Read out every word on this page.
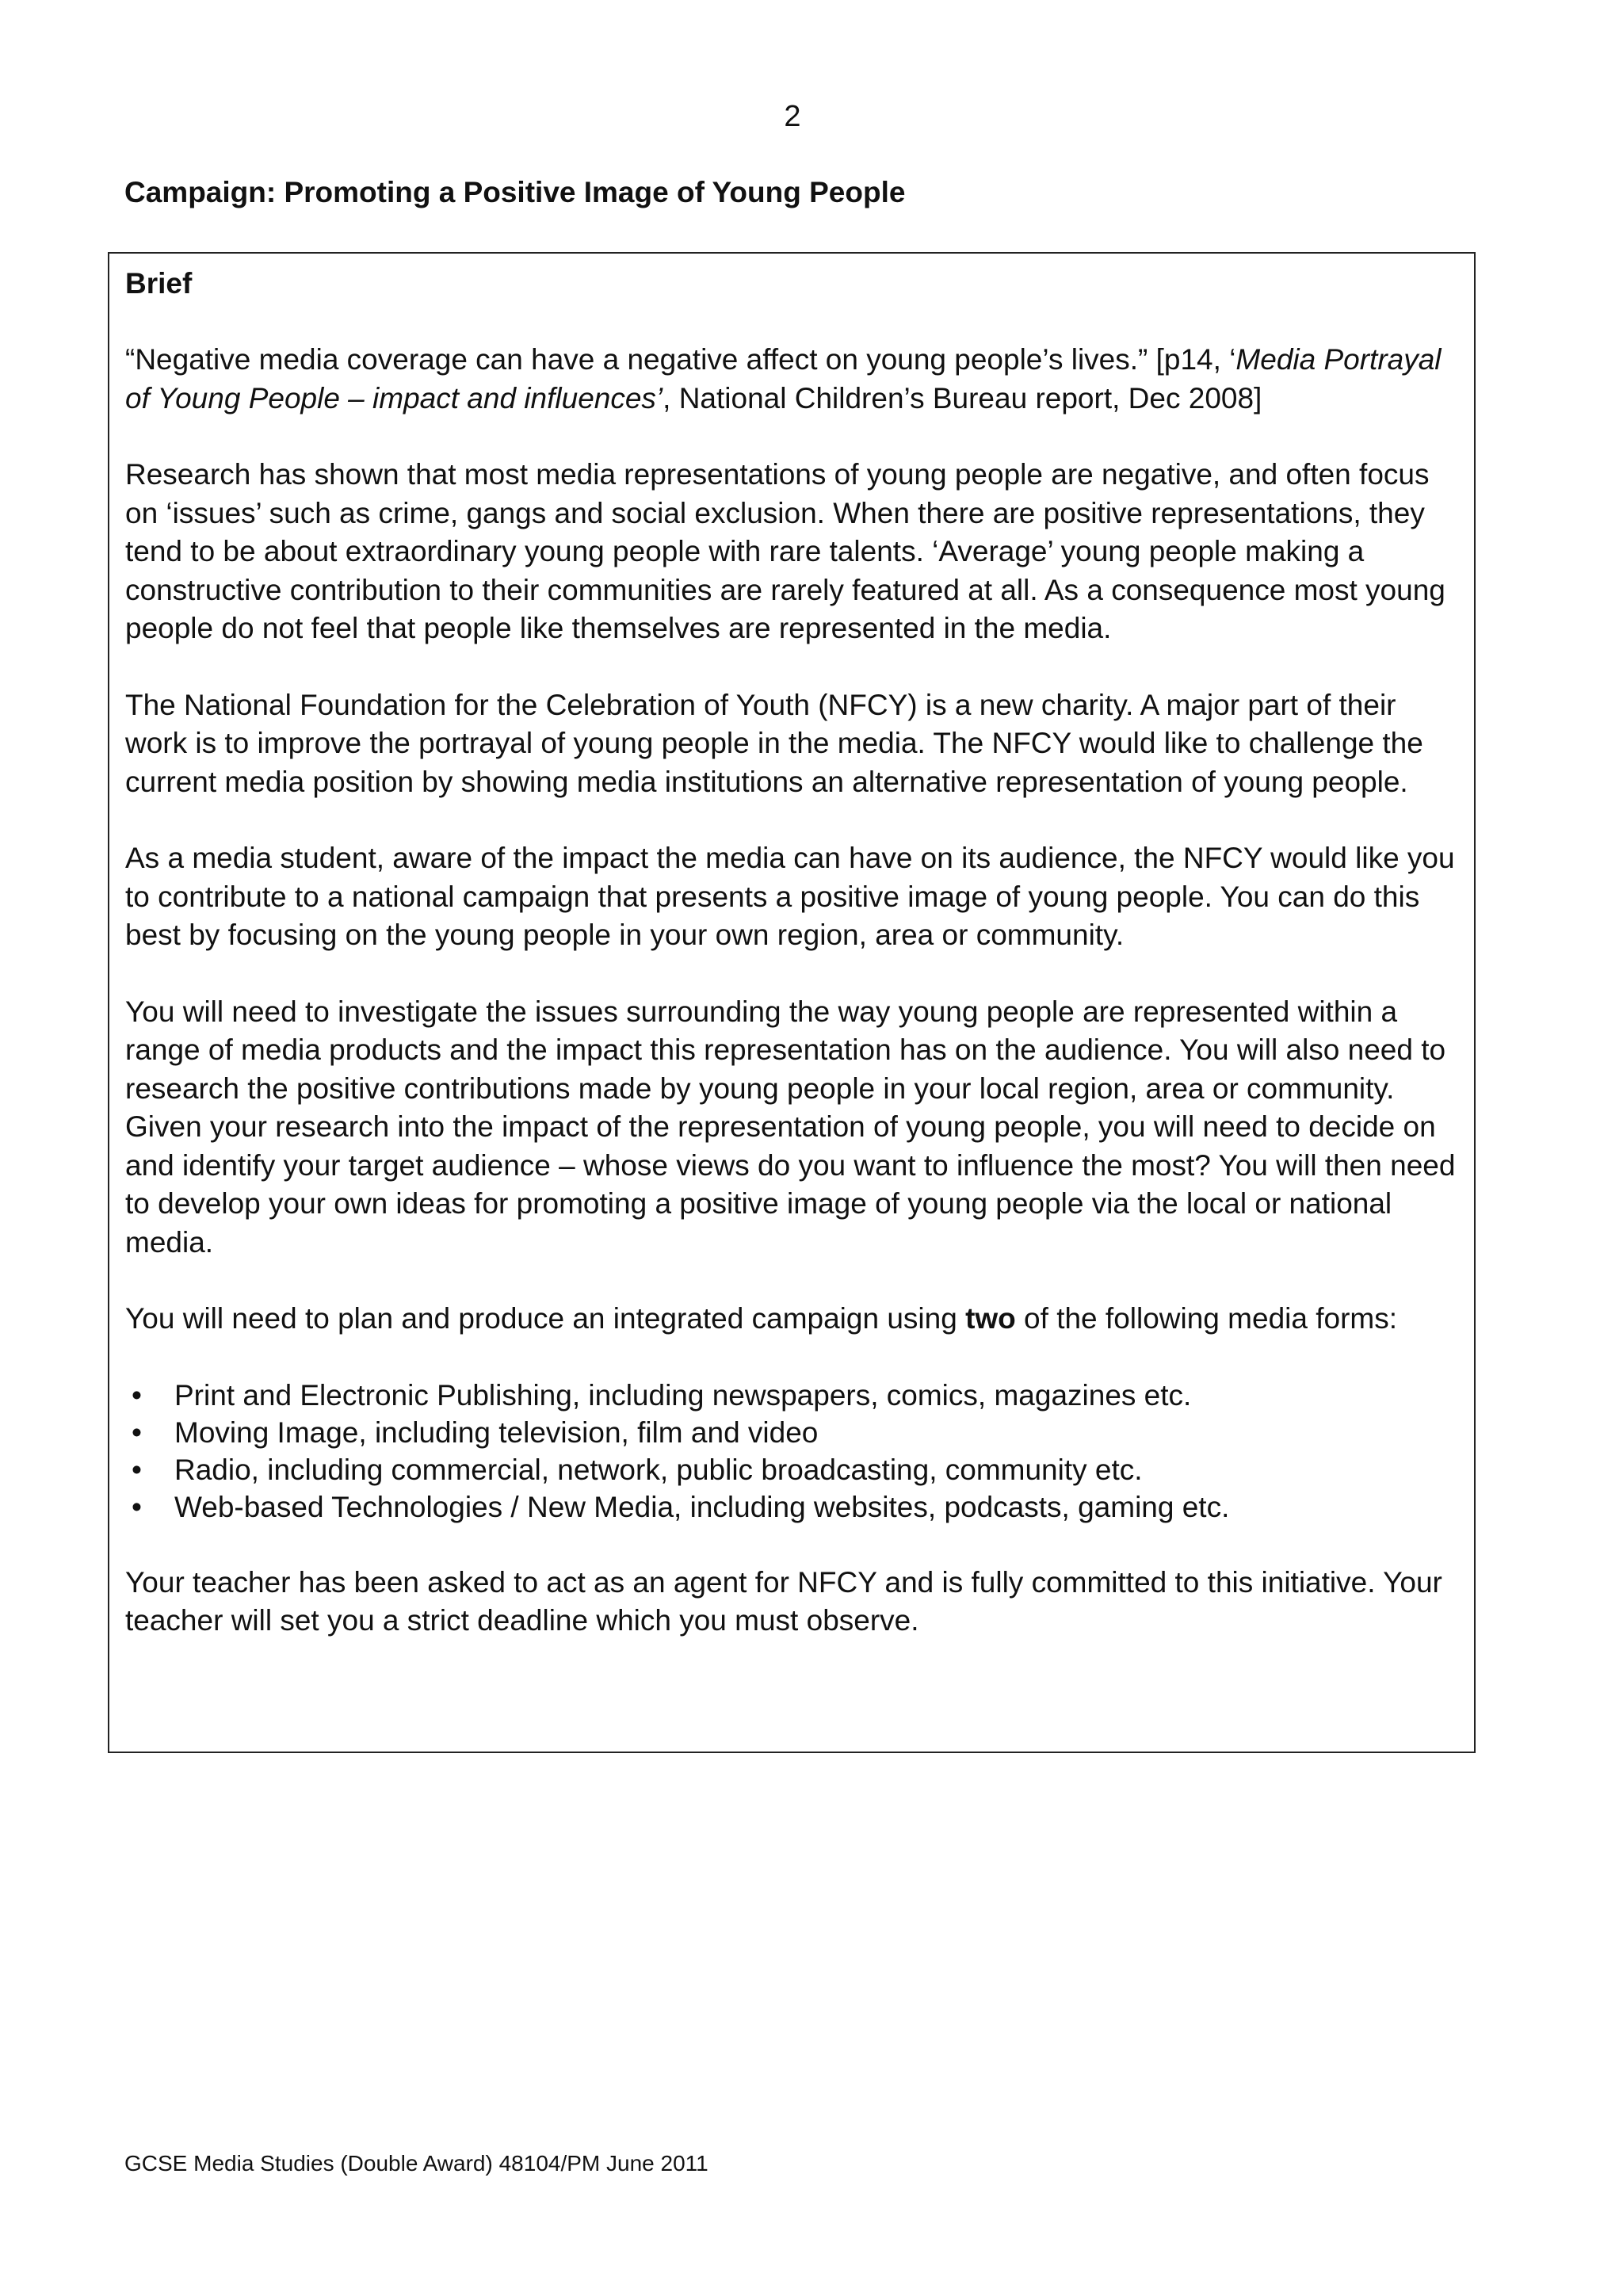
2
Campaign: Promoting a Positive Image of Young People
Brief

“Negative media coverage can have a negative affect on young people’s lives.” [p14, ‘Media Portrayal of Young People – impact and influences’, National Children’s Bureau report, Dec 2008]

Research has shown that most media representations of young people are negative, and often focus on ‘issues’ such as crime, gangs and social exclusion. When there are positive representations, they tend to be about extraordinary young people with rare talents. ‘Average’ young people making a constructive contribution to their communities are rarely featured at all. As a consequence most young people do not feel that people like themselves are represented in the media.

The National Foundation for the Celebration of Youth (NFCY) is a new charity. A major part of their work is to improve the portrayal of young people in the media. The NFCY would like to challenge the current media position by showing media institutions an alternative representation of young people.

As a media student, aware of the impact the media can have on its audience, the NFCY would like you to contribute to a national campaign that presents a positive image of young people. You can do this best by focusing on the young people in your own region, area or community.

You will need to investigate the issues surrounding the way young people are represented within a range of media products and the impact this representation has on the audience. You will also need to research the positive contributions made by young people in your local region, area or community. Given your research into the impact of the representation of young people, you will need to decide on and identify your target audience – whose views do you want to influence the most? You will then need to develop your own ideas for promoting a positive image of young people via the local or national media.

You will need to plan and produce an integrated campaign using two of the following media forms:

• Print and Electronic Publishing, including newspapers, comics, magazines etc.
• Moving Image, including television, film and video
• Radio, including commercial, network, public broadcasting, community etc.
• Web-based Technologies / New Media, including websites, podcasts, gaming etc.

Your teacher has been asked to act as an agent for NFCY and is fully committed to this initiative. Your teacher will set you a strict deadline which you must observe.

GCSE Media Studies (Double Award) 48104/PM June 2011
